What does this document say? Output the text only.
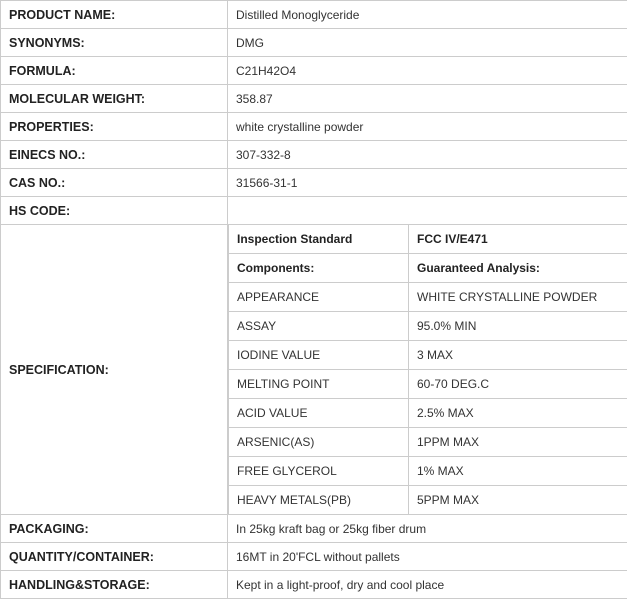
PRODUCT NAME:	Distilled Monoglyceride
SYNONYMS:	DMG
FORMULA:	C21H42O4
MOLECULAR WEIGHT:	358.87
PROPERTIES:	white crystalline powder
EINECS NO.:	307-332-8
CAS NO.:	31566-31-1
HS CODE:	
SPECIFICATION:	
Inspection Standard	FCC IV/E471
Components:	Guaranteed Analysis:
APPEARANCE	WHITE CRYSTALLINE POWDER
ASSAY	95.0% MIN
IODINE VALUE	3 MAX
MELTING POINT	60-70 DEG.C
ACID VALUE	2.5% MAX
ARSENIC(AS)	1PPM MAX
FREE GLYCEROL	1% MAX
HEAVY METALS(PB)	5PPM MAX

PACKAGING:	In 25kg kraft bag or 25kg fiber drum
QUANTITY/CONTAINER:	16MT in 20'FCL without pallets
HANDLING&STORAGE:	Kept in a light-proof, dry and cool place
